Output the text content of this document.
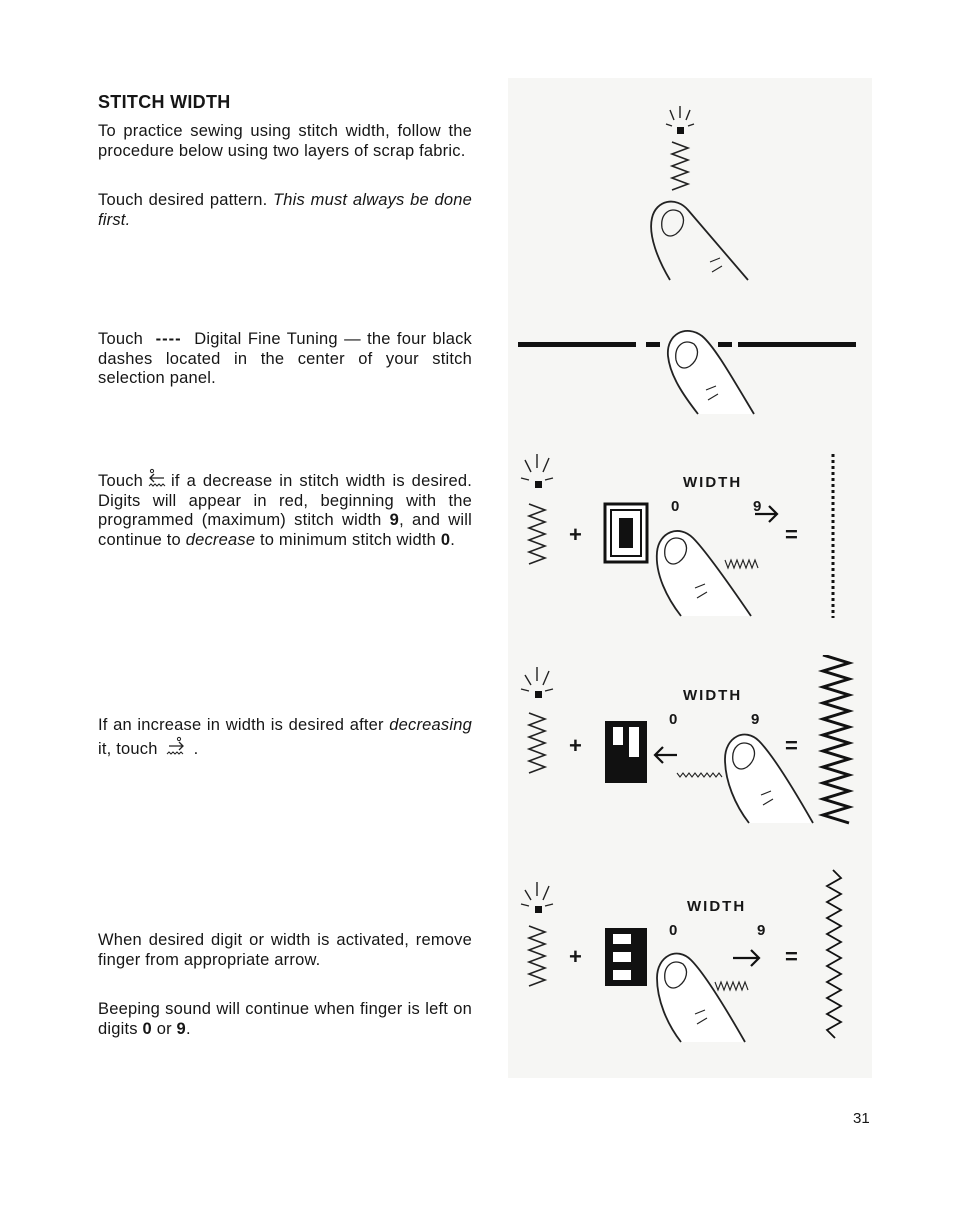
STITCH WIDTH

To practice sewing using stitch width, follow the procedure below using two layers of scrap fabric.

Touch desired pattern. This must always be done first.

Touch ---- Digital Fine Tuning — the four black dashes located in the center of your stitch selection panel.

Touch if a decrease in stitch width is desired. Digits will appear in red, beginning with the programmed (maximum) stitch width 9, and will continue to decrease to minimum stitch width 0.

If an increase in width is desired after decreasing it, touch .

When desired digit or width is activated, remove finger from appropriate arrow.

Beeping sound will continue when finger is left on digits 0 or 9.

WIDTH
0	9
+	=
WIDTH
0	9
+	=
WIDTH
0	9
+	=
31
